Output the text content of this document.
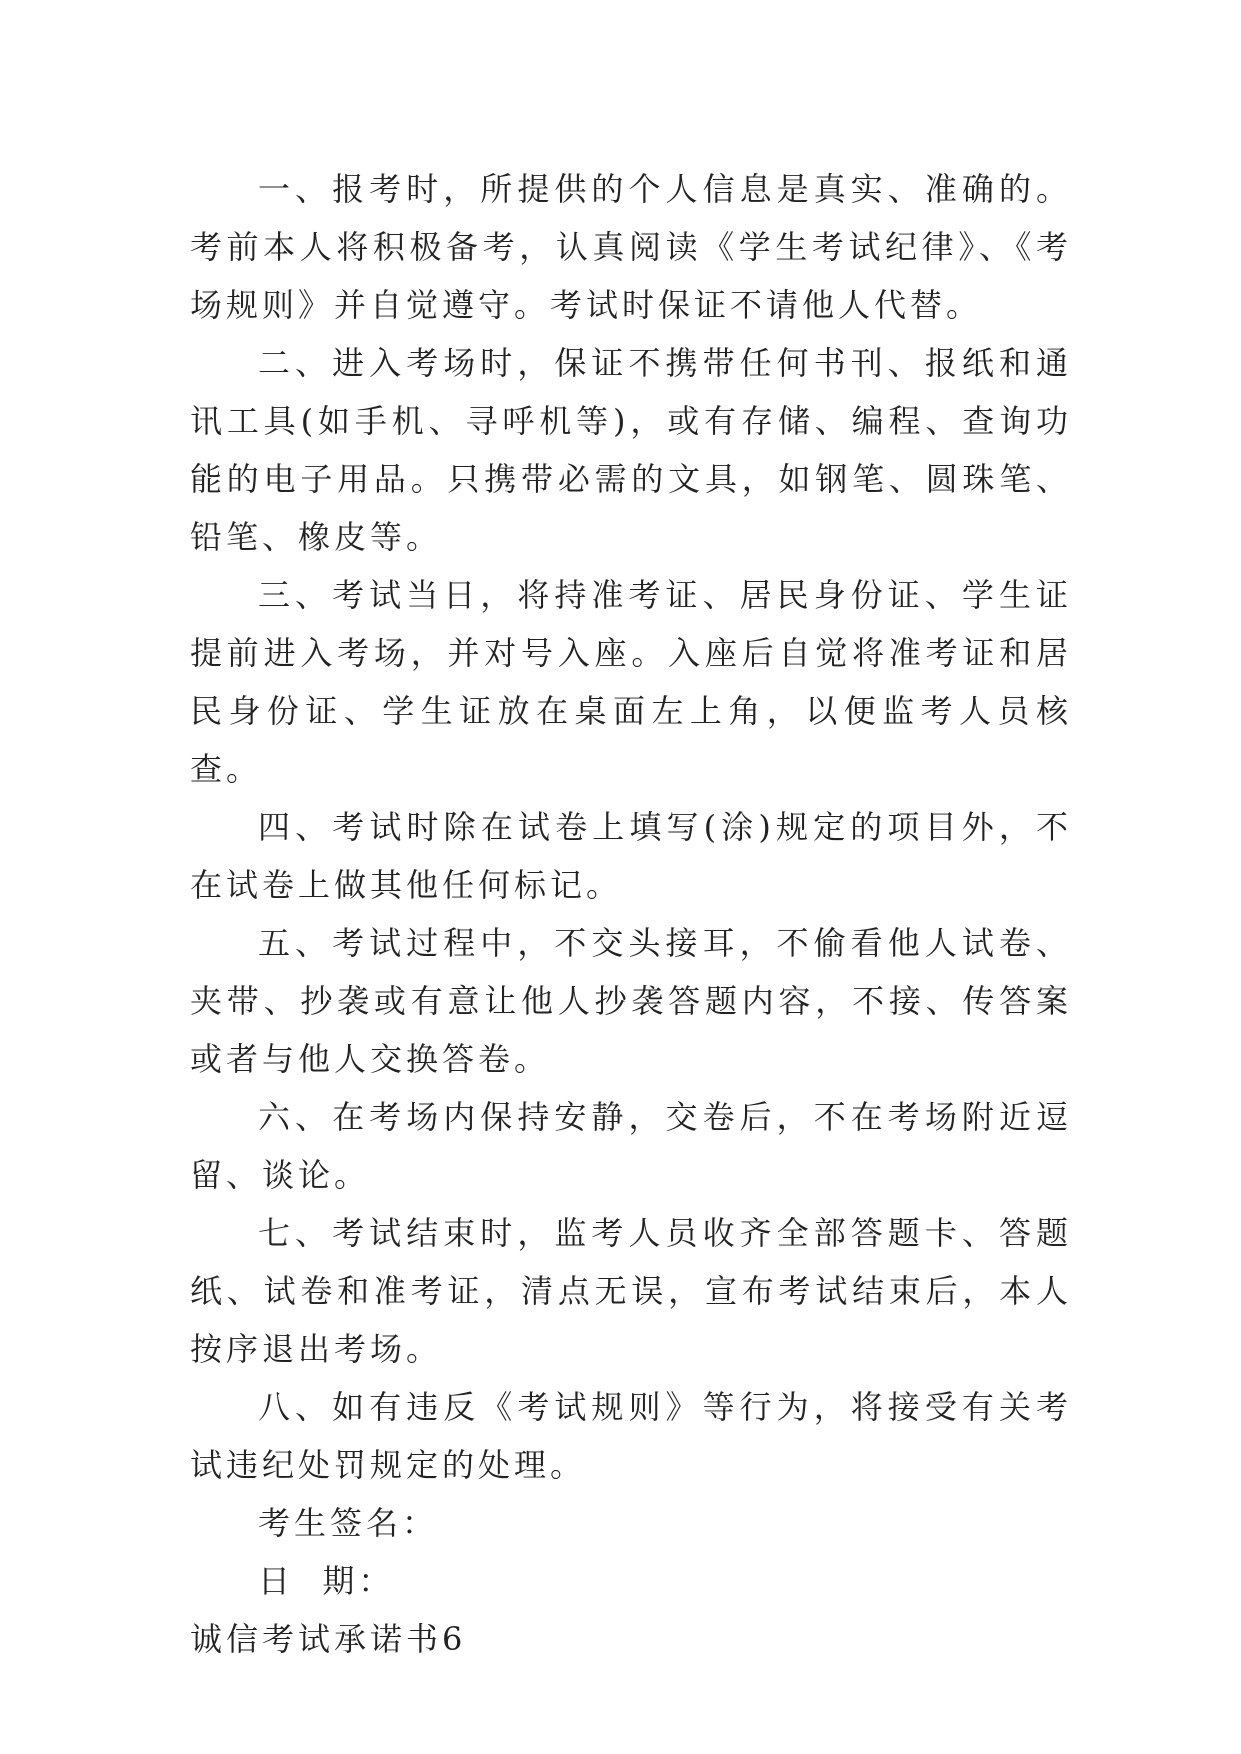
一、报考时，所提供的个人信息是真实、准确的。考前本人将积极备考，认真阅读《学生考试纪律》、《考场规则》并自觉遵守。考试时保证不请他人代替。

二、进入考场时，保证不携带任何书刊、报纸和通讯工具(如手机、寻呼机等)，或有存储、编程、查询功能的电子用品。只携带必需的文具，如钢笔、圆珠笔、铅笔、橡皮等。

三、考试当日，将持准考证、居民身份证、学生证提前进入考场，并对号入座。入座后自觉将准考证和居民身份证、学生证放在桌面左上角，以便监考人员核查。

四、考试时除在试卷上填写(涂)规定的项目外，不在试卷上做其他任何标记。

五、考试过程中，不交头接耳，不偷看他人试卷、夹带、抄袭或有意让他人抄袭答题内容，不接、传答案或者与他人交换答卷。

六、在考场内保持安静，交卷后，不在考场附近逗留、谈论。

七、考试结束时，监考人员收齐全部答题卡、答题纸、试卷和准考证，清点无误，宣布考试结束后，本人按序退出考场。

八、如有违反《考试规则》等行为，将接受有关考试违纪处罚规定的处理。

考生签名：

日  期：

诚信考试承诺书6
